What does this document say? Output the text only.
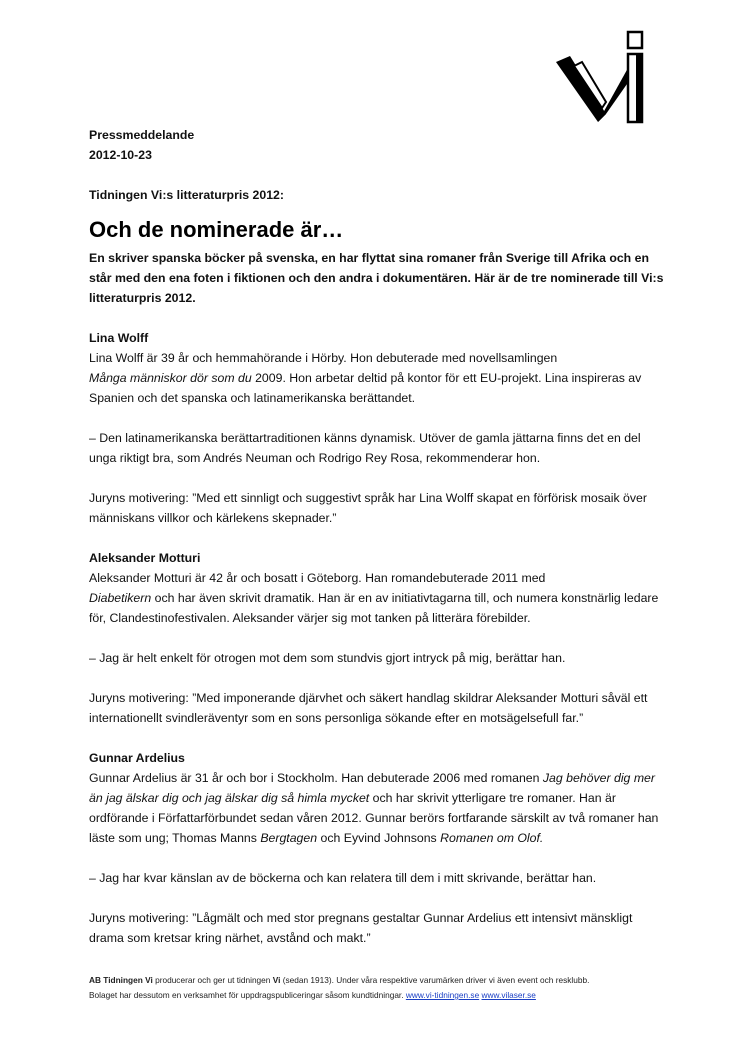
Pressmeddelande

2012-10-23

Tidningen Vi:s litteraturpris 2012:

Och de nominerade är…

En skriver spanska böcker på svenska, en har flyttat sina romaner från Sverige till Afrika och en står med den ena foten i fiktionen och den andra i dokumentären. Här är de tre nominerade till Vi:s litteraturpris 2012.

Lina Wolff

Lina Wolff är 39 år och hemmahörande i Hörby. Hon debuterade med novellsamlingen
Många människor dör som du 2009. Hon arbetar deltid på kontor för ett EU-projekt. Lina inspireras av Spanien och det spanska och latinamerikanska berättandet.

– Den latinamerikanska berättartraditionen känns dynamisk. Utöver de gamla jättarna finns det en del unga riktigt bra, som Andrés Neuman och Rodrigo Rey Rosa, rekommenderar hon.

Juryns motivering: ”Med ett sinnligt och suggestivt språk har Lina Wolff skapat en förförisk mosaik över människans villkor och kärlekens skepnader.”

Aleksander Motturi

Aleksander Motturi är 42 år och bosatt i Göteborg. Han romandebuterade 2011 med
Diabetikern och har även skrivit dramatik. Han är en av initiativtagarna till, och numera konstnärlig ledare för, Clandestinofestivalen. Aleksander värjer sig mot tanken på litterära förebilder.

– Jag är helt enkelt för otrogen mot dem som stundvis gjort intryck på mig, berättar han.

Juryns motivering: ”Med imponerande djärvhet och säkert handlag skildrar Aleksander Motturi såväl ett internationellt svindleräventyr som en sons personliga sökande efter en motsägelsefull far.”

Gunnar Ardelius

Gunnar Ardelius är 31 år och bor i Stockholm. Han debuterade 2006 med romanen Jag behöver dig mer än jag älskar dig och jag älskar dig så himla mycket och har skrivit ytterligare tre romaner. Han är ordförande i Författarförbundet sedan våren 2012. Gunnar berörs fortfarande särskilt av två romaner han läste som ung; Thomas Manns Bergtagen och Eyvind Johnsons Romanen om Olof.

– Jag har kvar känslan av de böckerna och kan relatera till dem i mitt skrivande, berättar han.

Juryns motivering: ”Lågmält och med stor pregnans gestaltar Gunnar Ardelius ett intensivt mänskligt drama som kretsar kring närhet, avstånd och makt.”

AB Tidningen Vi producerar och ger ut tidningen Vi (sedan 1913). Under våra respektive varumärken driver vi även event och resklubb.
Bolaget har dessutom en verksamhet för uppdragspubliceringar såsom kundtidningar. www.vi-tidningen.se www.vilaser.se
